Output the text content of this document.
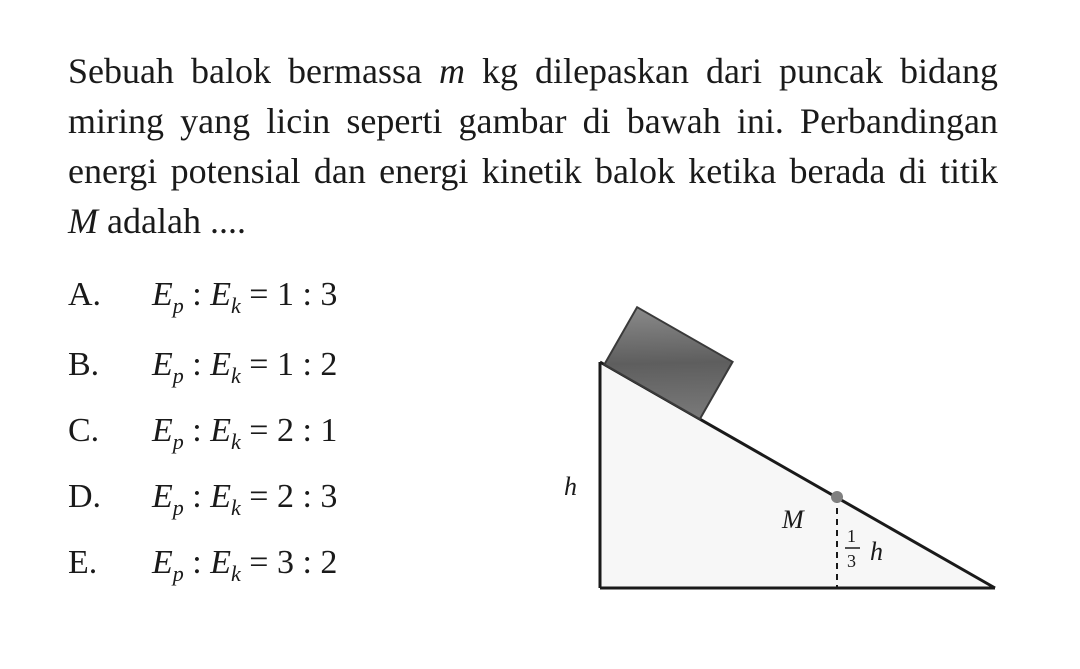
Sebuah balok bermassa m kg dilepaskan dari puncak bidang miring yang licin seperti gambar di bawah ini. Perbandingan energi potensial dan energi kinetik balok ketika berada di titik M adalah ....
A.	$E_p$ : $E_k = 1$ : 3
B.	$E_p$ : $E_k = 1$ : 2
C.	$E_p$ : $E_k = 2$ : 1
D.	$E_p$ : $E_k = 2$ : 3
E.	$E_p$ : $E_k = 3$ : 2
h
M
1
3 h
